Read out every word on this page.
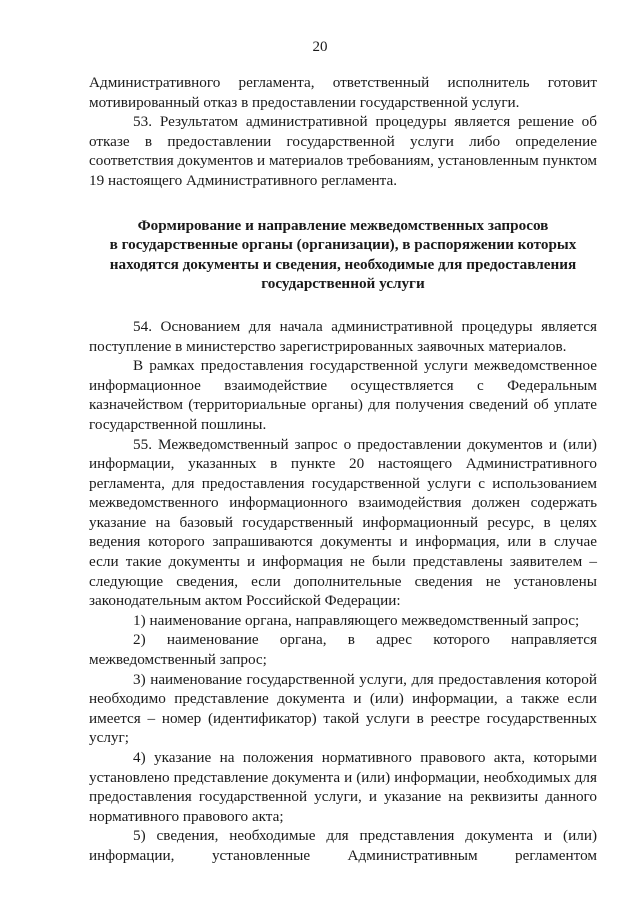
20

Административного регламента, ответственный исполнитель готовит мотивированный отказ в предоставлении государственной услуги.

53. Результатом административной процедуры является решение об отказе в предоставлении государственной услуги либо определение соответствия документов и материалов требованиям, установленным пунктом 19 настоящего Административного регламента.

Формирование и направление межведомственных запросов
в государственные органы (организации), в распоряжении которых
находятся документы и сведения, необходимые для предоставления
государственной услуги

54. Основанием для начала административной процедуры является поступление в министерство зарегистрированных заявочных материалов.

В рамках предоставления государственной услуги межведомственное информационное взаимодействие осуществляется с Федеральным казначейством (территориальные органы) для получения сведений об уплате государственной пошлины.

55. Межведомственный запрос о предоставлении документов и (или) информации, указанных в пункте 20 настоящего Административного регламента, для предоставления государственной услуги с использованием межведомственного информационного взаимодействия должен содержать указание на базовый государственный информационный ресурс, в целях ведения которого запрашиваются документы и информация, или в случае если такие документы и информация не были представлены заявителем – следующие сведения, если дополнительные сведения не установлены законодательным актом Российской Федерации:

1) наименование органа, направляющего межведомственный запрос;

2) наименование органа, в адрес которого направляется межведомственный запрос;

3) наименование государственной услуги, для предоставления которой необходимо представление документа и (или) информации, а также если имеется – номер (идентификатор) такой услуги в реестре государственных услуг;

4) указание на положения нормативного правового акта, которыми установлено представление документа и (или) информации, необходимых для предоставления государственной услуги, и указание на реквизиты данного нормативного правового акта;

5) сведения, необходимые для представления документа и (или) информации, установленные Административным регламентом
